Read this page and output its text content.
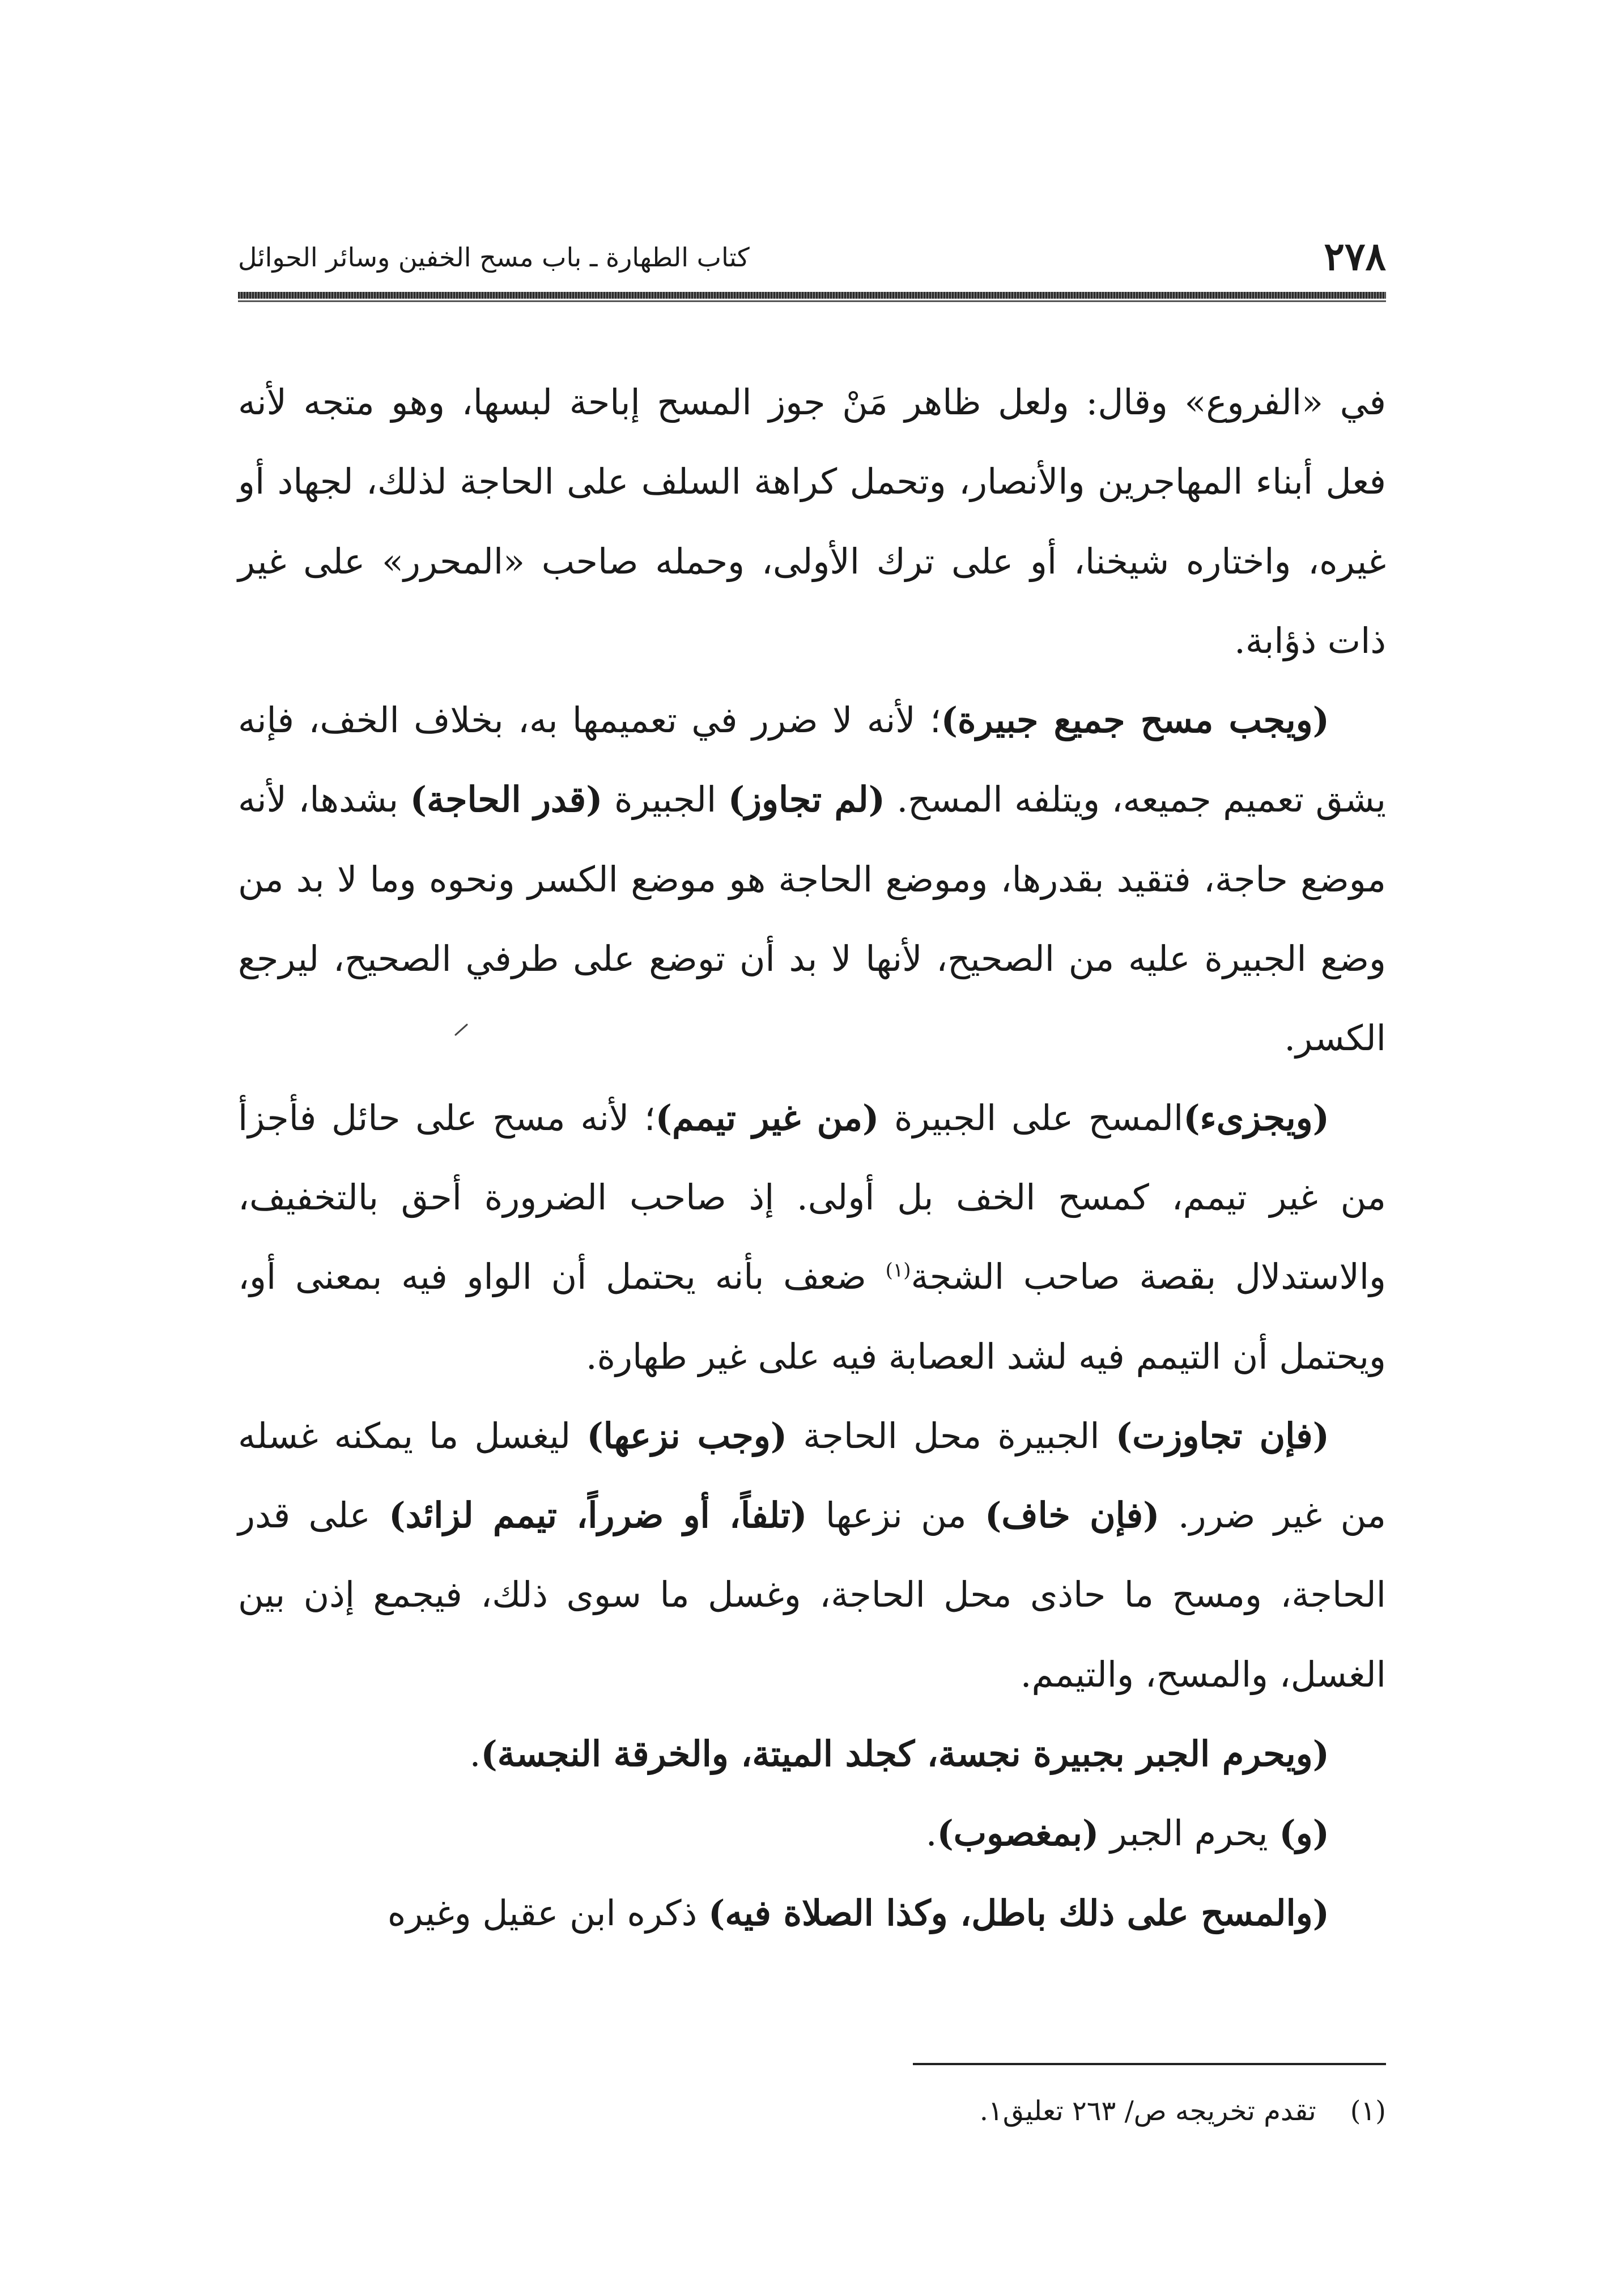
٢٧٨
كتاب الطهارة ـ باب مسح الخفين وسائر الحوائل

في «الفروع» وقال: ولعل ظاهر مَنْ جوز المسح إباحة لبسها، وهو متجه لأنه فعل أبناء المهاجرين والأنصار، وتحمل كراهة السلف على الحاجة لذلك، لجهاد أو غيره، واختاره شيخنا، أو على ترك الأولى، وحمله صاحب «المحرر» على غير ذات ذؤابة.

(ويجب مسح جميع جبيرة)؛ لأنه لا ضرر في تعميمها به، بخلاف الخف، فإنه يشق تعميم جميعه، ويتلفه المسح. (لم تجاوز) الجبيرة (قدر الحاجة) بشدها، لأنه موضع حاجة، فتقيد بقدرها، وموضع الحاجة هو موضع الكسر ونحوه وما لا بد من وضع الجبيرة عليه من الصحيح، لأنها لا بد أن توضع على طرفي الصحيح، ليرجع الكسر.

(ويجزىء)المسح على الجبيرة (من غير تيمم)؛ لأنه مسح على حائل فأجزأ من غير تيمم، كمسح الخف بل أولى. إذ صاحب الضرورة أحق بالتخفيف، والاستدلال بقصة صاحب الشجة$^{(١)}$ ضعف بأنه يحتمل أن الواو فيه بمعنى أو، ويحتمل أن التيمم فيه لشد العصابة فيه على غير طهارة.

(فإن تجاوزت) الجبيرة محل الحاجة (وجب نزعها) ليغسل ما يمكنه غسله من غير ضرر. (فإن خاف) من نزعها (تلفاً، أو ضرراً، تيمم لزائد) على قدر الحاجة، ومسح ما حاذى محل الحاجة، وغسل ما سوى ذلك، فيجمع إذن بين الغسل، والمسح، والتيمم.

(ويحرم الجبر بجبيرة نجسة، كجلد الميتة، والخرقة النجسة).

(و) يحرم الجبر (بمغصوب).

(والمسح على ذلك باطل، وكذا الصلاة فيه) ذكره ابن عقيل وغيره

(١)تقدم تخريجه ص/ ٢٦٣ تعليق١.
